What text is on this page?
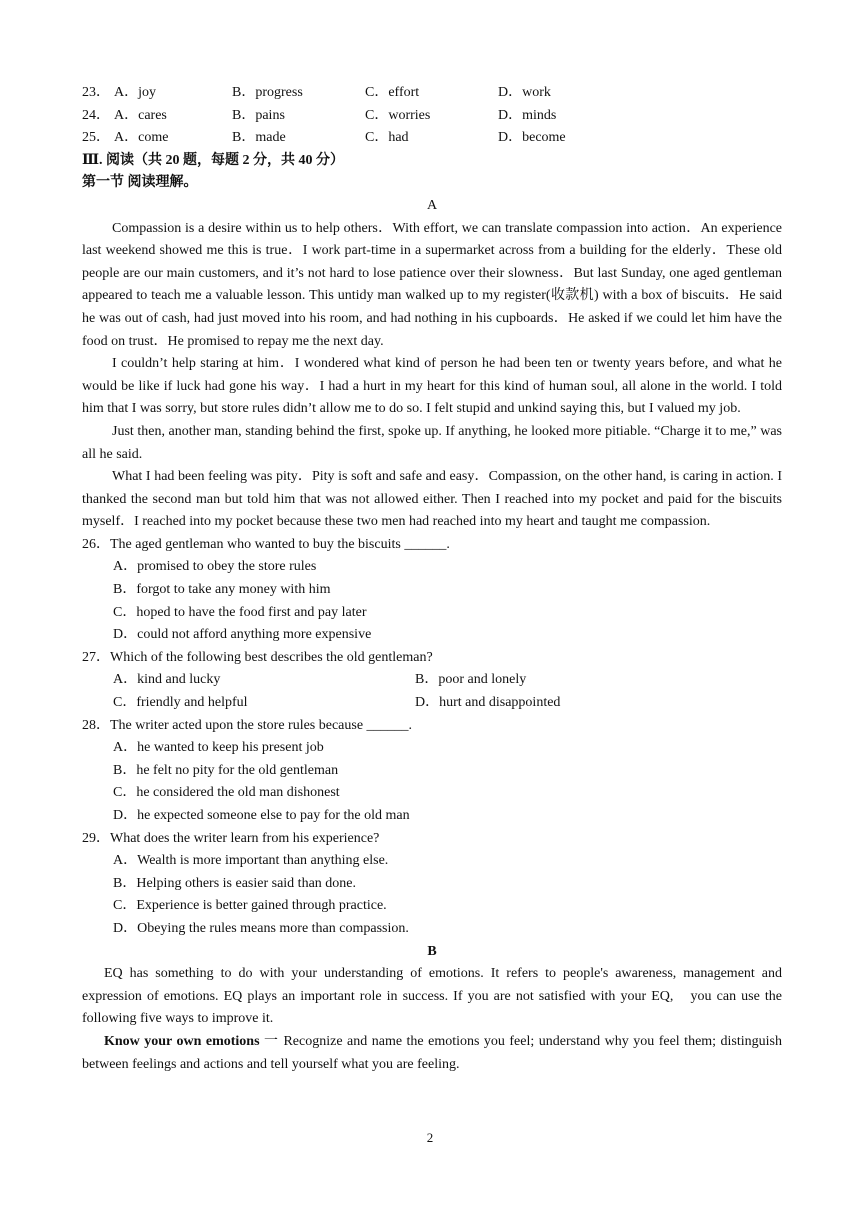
23． A．joy	B．progress	C．effort	D．work
24． A．cares	B．pains	C．worries	D．minds
25． A．come	B．made	C．had	D．become
Ⅲ. 阅读（共 20 题，每题 2 分，共 40 分）
第一节 阅读理解。
A

Compassion is a desire within us to help others．With effort, we can translate compassion into action．An experience last weekend showed me this is true．I work part-time in a supermarket across from a building for the elderly．These old people are our main customers, and it’s not hard to lose patience over their slowness．But last Sunday, one aged gentleman appeared to teach me a valuable lesson. This untidy man walked up to my register(收款机) with a box of biscuits．He said he was out of cash, had just moved into his room, and had nothing in his cupboards．He asked if we could let him have the food on trust．He promised to repay me the next day.

I couldn’t help staring at him．I wondered what kind of person he had been ten or twenty years before, and what he would be like if luck had gone his way．I had a hurt in my heart for this kind of human soul, all alone in the world. I told him that I was sorry, but store rules didn’t allow me to do so. I felt stupid and unkind saying this, but I valued my job.

Just then, another man, standing behind the first, spoke up. If anything, he looked more pitiable. “Charge it to me,” was all he said.

What I had been feeling was pity．Pity is soft and safe and easy．Compassion, on the other hand, is caring in action. I thanked the second man but told him that was not allowed either. Then I reached into my pocket and paid for the biscuits myself．I reached into my pocket because these two men had reached into my heart and taught me compassion.

26．The aged gentleman who wanted to buy the biscuits ______.

A．promised to obey the store rules

B．forgot to take any money with him

C．hoped to have the food first and pay later

D．could not afford anything more expensive

27．Which of the following best describes the old gentleman?

A．kind and lucky	B．poor and lonely
C．friendly and helpful	D．hurt and disappointed

28．The writer acted upon the store rules because ______.

A．he wanted to keep his present job

B．he felt no pity for the old gentleman

C．he considered the old man dishonest

D．he expected someone else to pay for the old man

29．What does the writer learn from his experience?

A．Wealth is more important than anything else.

B．Helping others is easier said than done.

C．Experience is better gained through practice.

D．Obeying the rules means more than compassion.

B

EQ has something to do with your understanding of emotions. It refers to people's awareness, management and expression of emotions. EQ plays an important role in success. If you are not satisfied with your EQ,　you can use the following five ways to improve it.

Know your own emotions 一 Recognize and name the emotions you feel; understand why you feel them; distinguish between feelings and actions and tell yourself what you are feeling.

2
